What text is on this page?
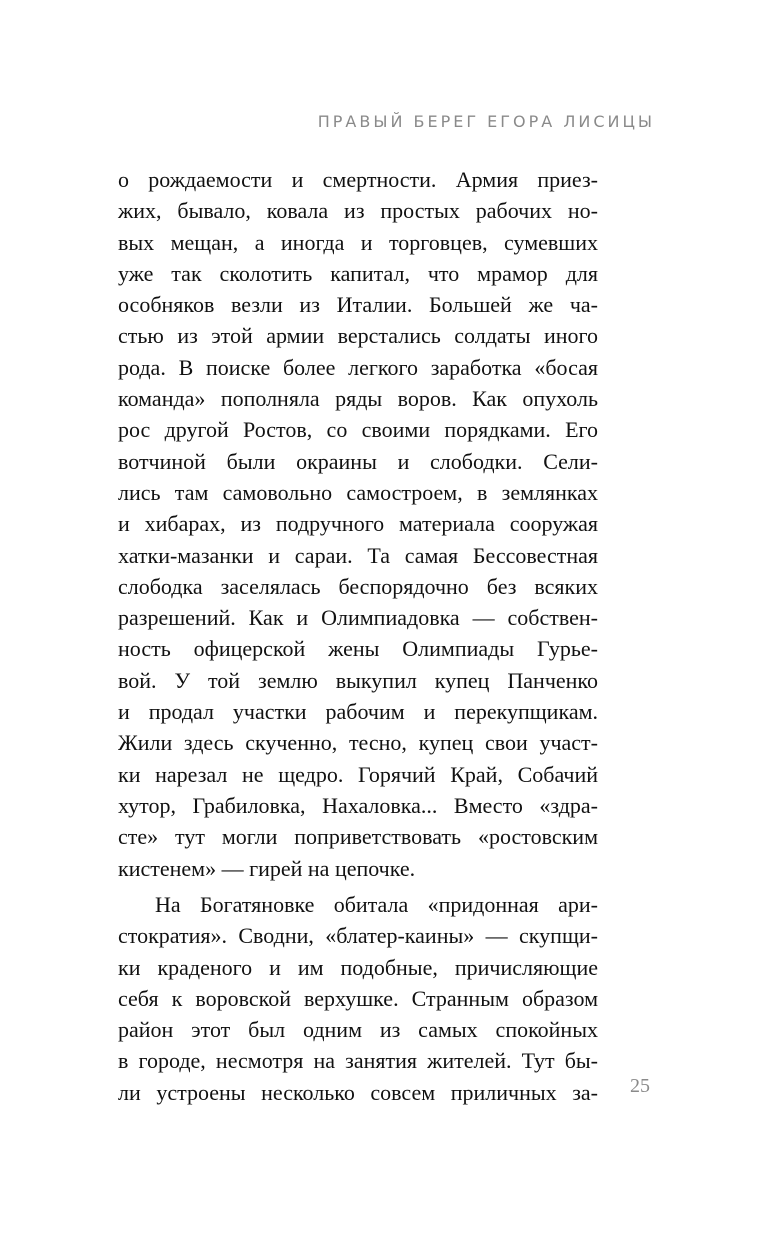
ПРАВЫЙ БЕРЕГ ЕГОРА ЛИСИЦЫ
о рождаемости и смертности. Армия приез-
жих, бывало, ковала из простых рабочих но-
вых мещан, а иногда и торговцев, сумевших
уже так сколотить капитал, что мрамор для
особняков везли из Италии. Большей же ча-
стью из этой армии верстались солдаты иного
рода. В поиске более легкого заработка «босая
команда» пополняла ряды воров. Как опухоль
рос другой Ростов, со своими порядками. Его
вотчиной были окраины и слободки. Сели-
лись там самовольно самостроем, в землянках
и хибарах, из подручного материала сооружая
хатки-мазанки и сараи. Та самая Бессовестная
слободка заселялась беспорядочно без всяких
разрешений. Как и Олимпиадовка — собствен-
ность офицерской жены Олимпиады Гурье-
вой. У той землю выкупил купец Панченко
и продал участки рабочим и перекупщикам.
Жили здесь скученно, тесно, купец свои участ-
ки нарезал не щедро. Горячий Край, Собачий
хутор, Грабиловка, Нахаловка... Вместо «здра-
сте» тут могли поприветствовать «ростовским
кистенем» — гирей на цепочке.
На Богатяновке обитала «придонная ари-
стократия». Сводни, «блатер-каины» — скупщи-
ки краденого и им подобные, причисляющие
себя к воровской верхушке. Странным образом
район этот был одним из самых спокойных
в городе, несмотря на занятия жителей. Тут бы-
ли устроены несколько совсем приличных за- 25
